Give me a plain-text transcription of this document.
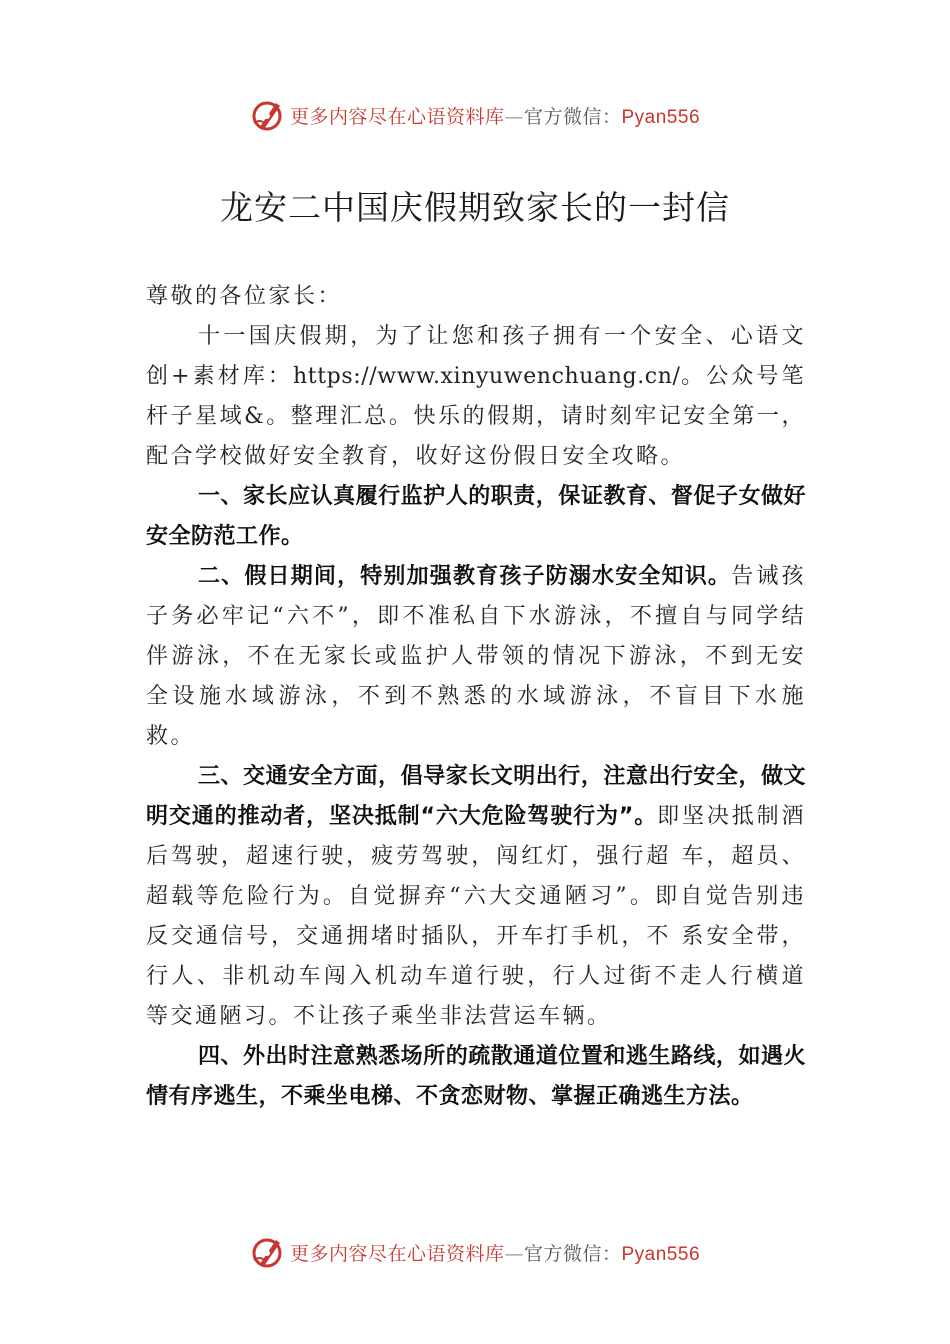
更多内容尽在心语资料库—官方微信：Pyan556
龙安二中国庆假期致家长的一封信

尊敬的各位家长：

十一国庆假期，为了让您和孩子拥有一个安全、心语文创+素材库：https://www.xinyuwenchuang.cn/。公众号笔杆子星域&。整理汇总。快乐的假期，请时刻牢记安全第一，配合学校做好安全教育，收好这份假日安全攻略。

一、家长应认真履行监护人的职责，保证教育、督促子女做好安全防范工作。

二、假日期间，特别加强教育孩子防溺水安全知识。告诫孩子务必牢记“六不”，即不准私自下水游泳，不擅自与同学结伴游泳，不在无家长或监护人带领的情况下游泳，不到无安全设施水域游泳，不到不熟悉的水域游泳，不盲目下水施救。

三、交通安全方面，倡导家长文明出行，注意出行安全，做文明交通的推动者，坚决抵制“六大危险驾驶行为”。即坚决抵制酒后驾驶，超速行驶，疲劳驾驶，闯红灯，强行超 车，超员、超载等危险行为。自觉摒弃“六大交通陋习”。即自觉告别违反交通信号，交通拥堵时插队，开车打手机，不 系安全带，行人、非机动车闯入机动车道行驶，行人过街不走人行横道等交通陋习。不让孩子乘坐非法营运车辆。

四、外出时注意熟悉场所的疏散通道位置和逃生路线，如遇火情有序逃生，不乘坐电梯、不贪恋财物、掌握正确逃生方法。

更多内容尽在心语资料库—官方微信：Pyan556
